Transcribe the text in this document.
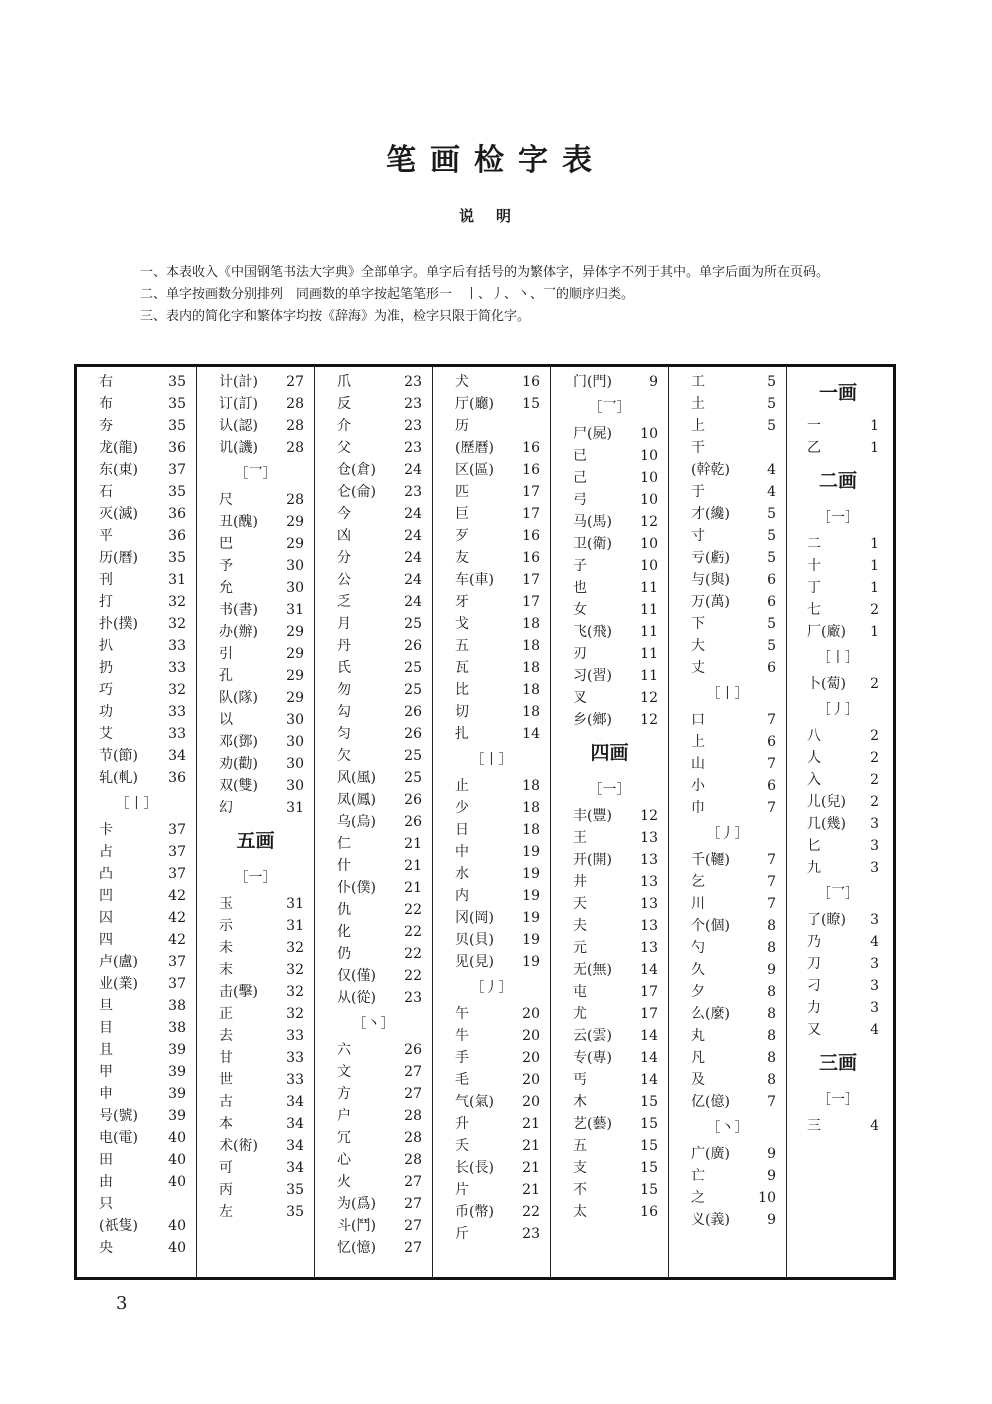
笔画检字表
说明

一、本表收入《中国钢笔书法大字典》全部单字。单字后有括号的为繁体字，异体字不列于其中。单字后面为所在页码。

二、单字按画数分别排列　同画数的单字按起笔笔形一　丨、丿、丶、乛的顺序归类。

三、表内的简化字和繁体字均按《辞海》为准，检字只限于简化字。

右	35
布	35
夯	35
龙(龍)	36
东(東)	37
石	35
灭(滅)	36
平	36
历(曆)	35
刊	31
打	32
扑(撲)	32
扒	33
扔	33
巧	32
功	33
艾	33
节(節)	34
轧(軋)	36
［丨］
卡	37
占	37
凸	37
凹	42
囚	42
四	42
卢(盧)	37
业(業)	37
旦	38
目	38
且	39
甲	39
申	39
号(號)	39
电(電)	40
田	40
由	40
只
(祇隻)	40
央	40
计(計)	27
订(訂)	28
认(認)	28
讥(譏)	28
［乛］
尺	28
丑(醜)	29
巴	29
予	30
允	30
书(書)	31
办(辦)	29
引	29
孔	29
队(隊)	29
以	30
邓(鄧)	30
劝(勸)	30
双(雙)	30
幻	31
五画
［一］
玉	31
示	31
未	32
末	32
击(擊)	32
正	32
去	33
甘	33
世	33
古	34
本	34
术(術)	34
可	34
丙	35
左	35
爪	23
反	23
介	23
父	23
仓(倉)	24
仑(侖)	23
今	24
凶	24
分	24
公	24
乏	24
月	25
丹	26
氏	25
勿	25
勾	26
匀	26
欠	25
风(風)	25
凤(鳳)	26
乌(烏)	26
仁	21
什	21
仆(僕)	21
仇	22
化	22
仍	22
仅(僅)	22
从(從)	23
［丶］
六	26
文	27
方	27
户	28
冗	28
心	28
火	27
为(爲)	27
斗(鬥)	27
忆(憶)	27
犬	16
厅(廳)	15
历
(歷曆)	16
区(區)	16
匹	17
巨	17
歹	16
友	16
车(車)	17
牙	17
戈	18
五	18
瓦	18
比	18
切	18
扎	14
［丨］
止	18
少	18
日	18
中	19
水	19
内	19
冈(岡)	19
贝(貝)	19
见(見)	19
［丿］
午	20
牛	20
手	20
毛	20
气(氣)	20
升	21
夭	21
长(長)	21
片	21
币(幣)	22
斤	23
门(門)	9
［乛］
尸(屍)	10
已	10
己	10
弓	10
马(馬)	12
卫(衛)	10
子	10
也	11
女	11
飞(飛)	11
刃	11
习(習)	11
叉	12
乡(鄉)	12
四画
［一］
丰(豐)	12
王	13
开(開)	13
井	13
天	13
夫	13
元	13
无(無)	14
屯	17
尤	17
云(雲)	14
专(專)	14
丐	14
木	15
艺(藝)	15
五	15
支	15
不	15
太	16
工	5
土	5
上	5
干
(幹乾)	4
于	4
才(纔)	5
寸	5
亏(虧)	5
与(與)	6
万(萬)	6
下	5
大	5
丈	6
［丨］
口	7
上	6
山	7
小	6
巾	7
［丿］
千(韆)	7
乞	7
川	7
个(個)	8
勺	8
久	9
夕	8
么(麼)	8
丸	8
凡	8
及	8
亿(億)	7
［丶］
广(廣)	9
亡	9
之	10
义(義)	9
一画
一	1
乙	1
二画
［一］
二	1
十	1
丁	1
七	2
厂(廠)	1
［丨］
卜(蔔)	2
［丿］
八	2
人	2
入	2
儿(兒)	2
几(幾)	3
匕	3
九	3
［乛］
了(瞭)	3
乃	4
刀	3
刁	3
力	3
又	4
三画
［一］
三	4
3
